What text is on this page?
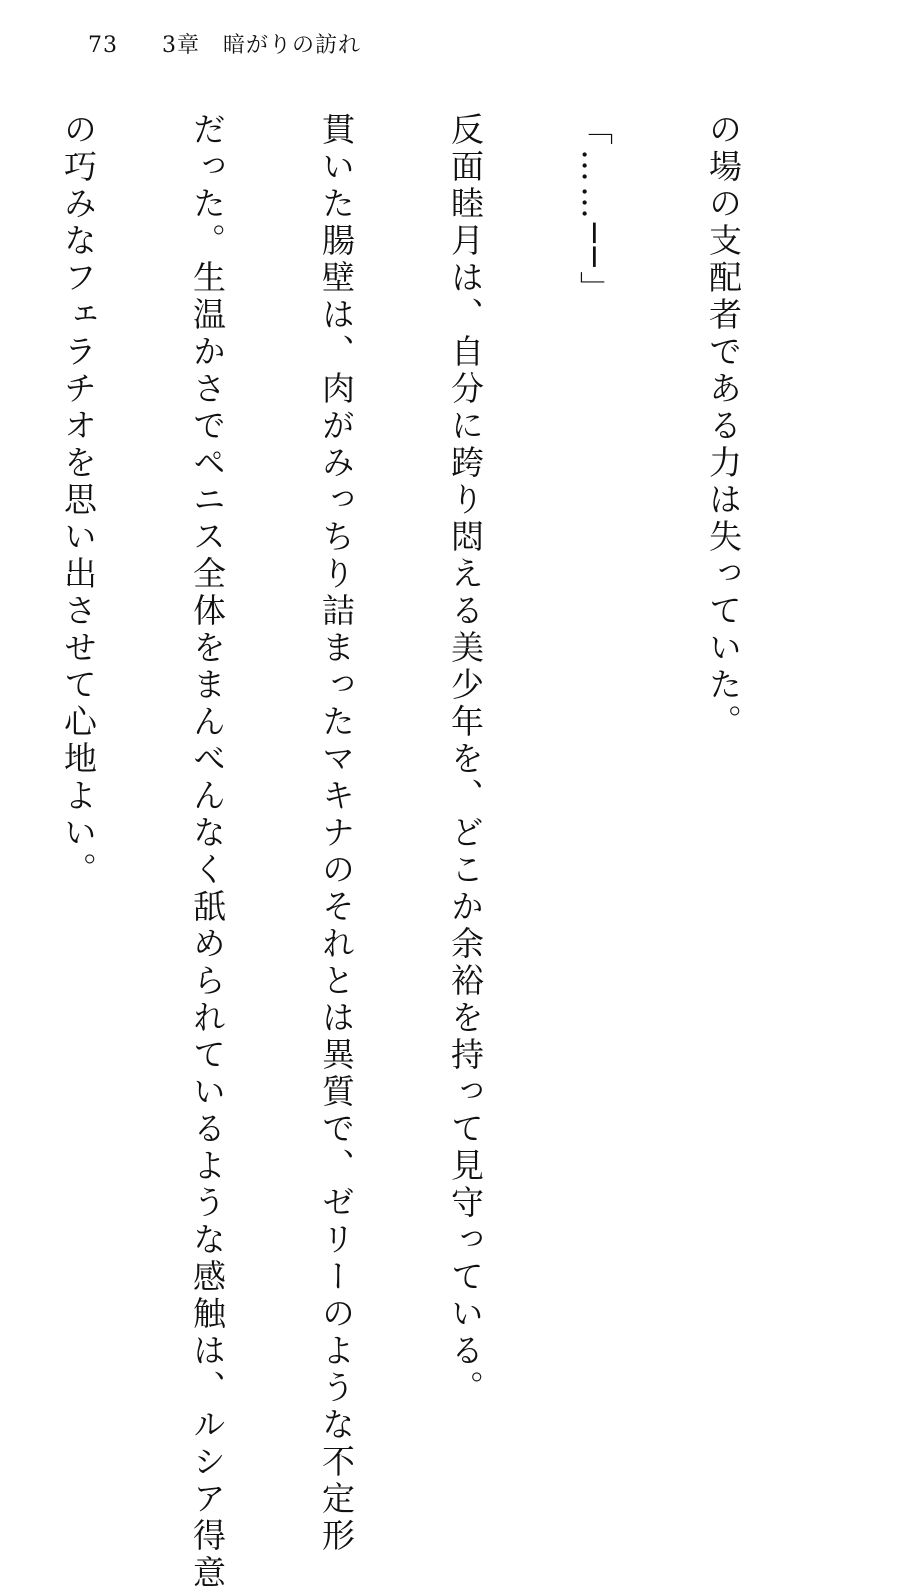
73 3章　暗がりの訪れ

の場の支配者である力は失っていた。

「……──」

反面睦月は、自分に跨り悶える美少年を、どこか余裕を持って見守っている。

貫いた腸壁は、肉がみっちり詰まったマキナのそれとは異質で、ゼリーのような不定形

だった。生温かさでペニス全体をまんべんなく舐められているような感触は、ルシア得意

の巧みなフェラチオを思い出させて心地よい。
